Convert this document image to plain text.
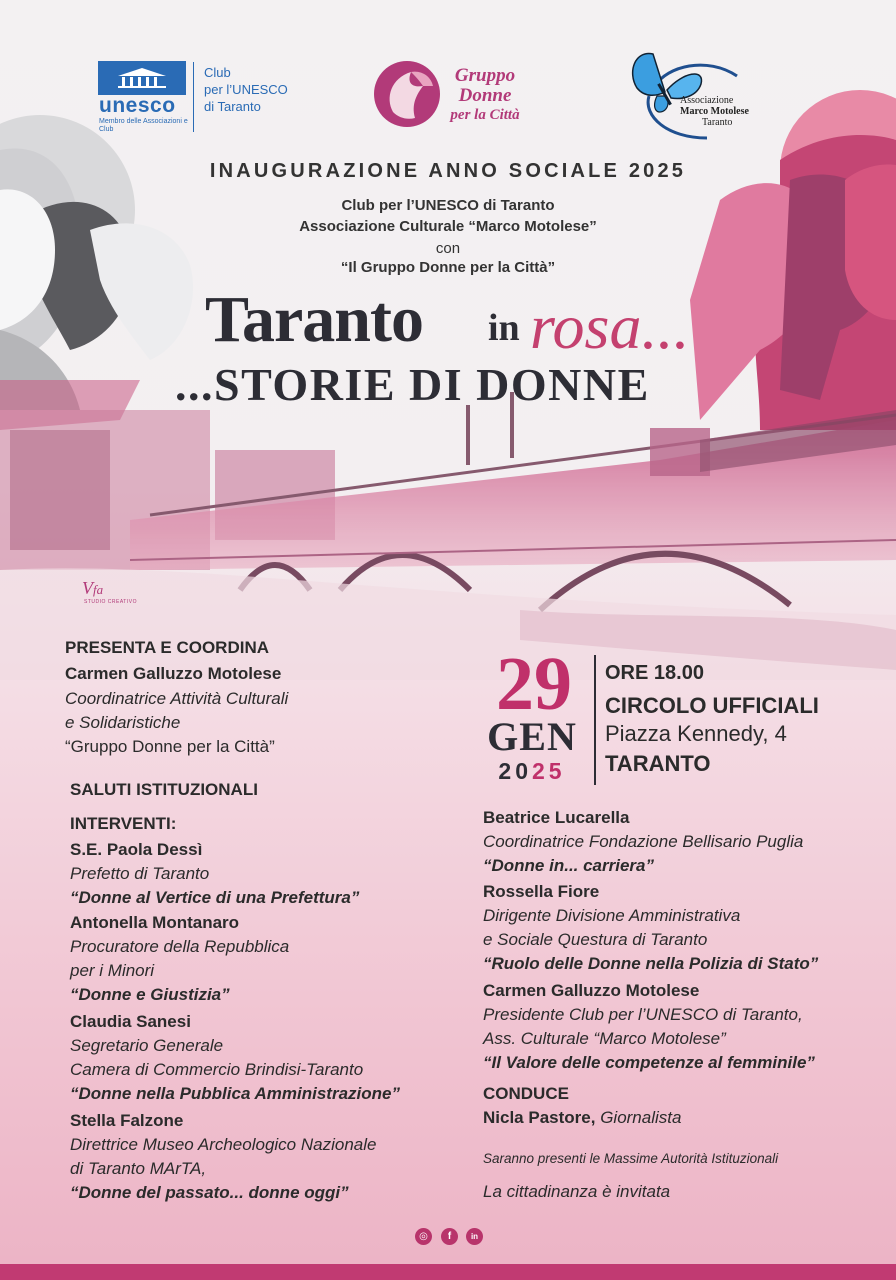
unesco
Membro delle Associazioni e Club
Club
per l’UNESCO
di Taranto
Gruppo
Donne
per la Città
Associazione
Marco Motolese
Taranto
INAUGURAZIONE ANNO SOCIALE 2025
Club per l’UNESCO di Taranto
Associazione Culturale “Marco Motolese”
con
“Il Gruppo Donne per la Città”
Taranto in rosa...
...STORIE DI DONNE
Vfa
STUDIO CREATIVO
29
GEN
2025
ORE 18.00
CIRCOLO UFFICIALI
Piazza Kennedy, 4
TARANTO
PRESENTA E COORDINA
Carmen Galluzzo Motolese
Coordinatrice Attività Culturali
e Solidaristiche
“Gruppo Donne per la Città”
SALUTI ISTITUZIONALI
INTERVENTI:
S.E. Paola Dessì
Prefetto di Taranto
“Donne al Vertice di una Prefettura”
Antonella Montanaro
Procuratore della Repubblica
per i Minori
“Donne e Giustizia”
Claudia Sanesi
Segretario Generale
Camera di Commercio Brindisi-Taranto
“Donne nella Pubblica Amministrazione”
Stella Falzone
Direttrice Museo Archeologico Nazionale
di Taranto MArTA,
“Donne del passato... donne oggi”
Beatrice Lucarella
Coordinatrice Fondazione Bellisario Puglia
“Donne in... carriera”
Rossella Fiore
Dirigente Divisione Amministrativa
e Sociale Questura di Taranto
“Ruolo delle Donne nella Polizia di Stato”
Carmen Galluzzo Motolese
Presidente Club per l’UNESCO di Taranto,
Ass. Culturale “Marco Motolese”
“Il Valore delle competenze al femminile”
CONDUCE
Nicla Pastore, Giornalista
Saranno presenti le Massime Autorità Istituzionali
La cittadinanza è invitata
◎	f	in
